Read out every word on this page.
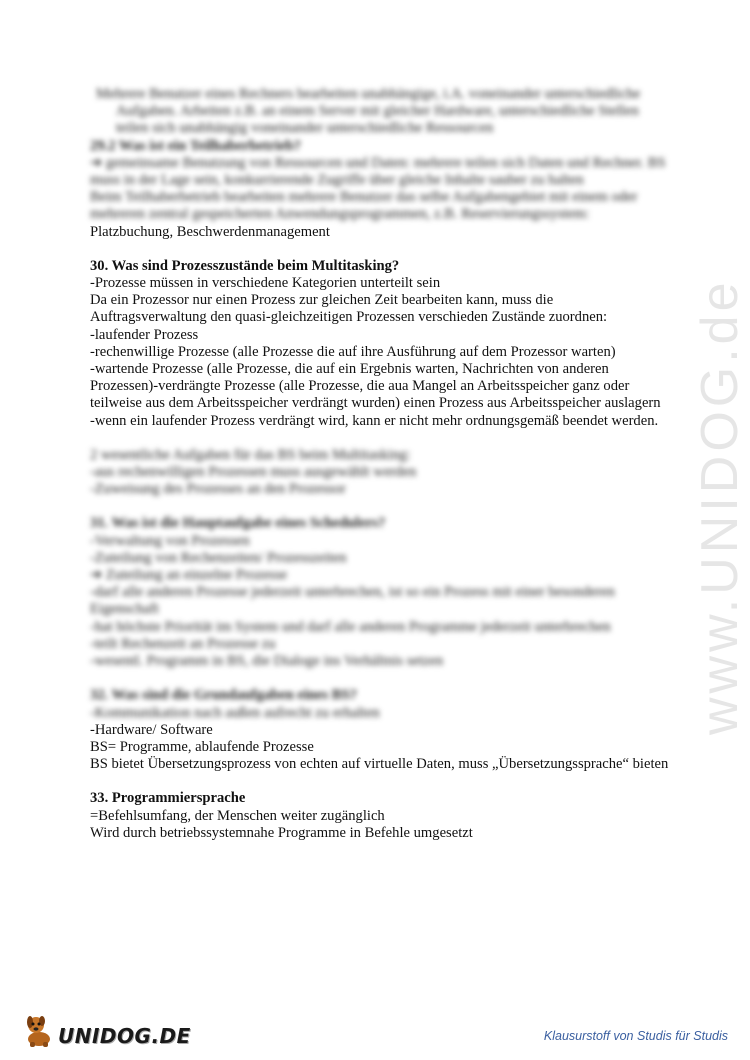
www.UNIDOG.de

Mehrere Benutzer eines Rechners bearbeiten unabhängige, i.A. voneinander unterschiedliche Aufgaben. Arbeiten z.B. an einem Server mit gleicher Hardware, unterschiedliche Stellen teilen sich unabhängig voneinander unterschiedliche Ressourcen

29.2 Was ist ein Teilhaberbetrieb?

➔ gemeinsame Benutzung von Ressourcen und Daten: mehrere teilen sich Daten und Rechner. BS muss in der Lage sein, konkurrierende Zugriffe über gleiche Inhalte sauber zu halten

Beim Teilhaberbetrieb bearbeiten mehrere Benutzer das selbe Aufgabengebiet mit einem oder mehreren zentral gespeicherten Anwendungsprogrammen, z.B. Reservierungssystem:

Platzbuchung, Beschwerdenmanagement

30. Was sind Prozesszustände beim Multitasking?

-Prozesse müssen in verschiedene Kategorien unterteilt sein

Da ein Prozessor nur einen Prozess zur gleichen Zeit bearbeiten kann, muss die Auftragsverwaltung den quasi-gleichzeitigen Prozessen verschieden Zustände zuordnen:

-laufender Prozess

-rechenwillige Prozesse (alle Prozesse die auf ihre Ausführung auf dem Prozessor warten)

-wartende Prozesse (alle Prozesse, die auf ein Ergebnis warten, Nachrichten von anderen Prozessen)-verdrängte Prozesse (alle Prozesse, die aua Mangel an Arbeitsspeicher ganz oder teilweise aus dem Arbeitsspeicher verdrängt wurden) einen Prozess aus Arbeitsspeicher auslagern

-wenn ein laufender Prozess verdrängt wird, kann er nicht mehr ordnungsgemäß beendet werden.

2 wesentliche Aufgaben für das BS beim Multitasking:

-aus rechenwilligen Prozessen muss ausgewählt werden

-Zuweisung des Prozesses an den Prozessor

31. Was ist die Hauptaufgabe eines Schedulers?

-Verwaltung von Prozessen

-Zuteilung von Rechenzeiten/ Prozesszeiten

➔ Zuteilung an einzelne Prozesse

-darf alle anderen Prozesse jederzeit unterbrechen, ist so ein Prozess mit einer besonderen Eigenschaft

-hat höchste Priorität im System und darf alle anderen Programme jederzeit unterbrechen

-teilt Rechenzeit an Prozesse zu

-wesentl. Programm in BS, die Dialoge ins Verhältnis setzen

32. Was sind die Grundaufgaben eines BS?

-Kommunikation nach außen aufrecht zu erhalten

-Hardware/ Software

BS= Programme, ablaufende Prozesse

BS bietet Übersetzungsprozess von echten auf virtuelle Daten, muss „Übersetzungssprache“ bieten

33. Programmiersprache

=Befehlsumfang, der Menschen weiter zugänglich

Wird durch betriebssystemnahe Programme in Befehle umgesetzt

UNIDOG.DE	Klausurstoff von Studis für Studis
